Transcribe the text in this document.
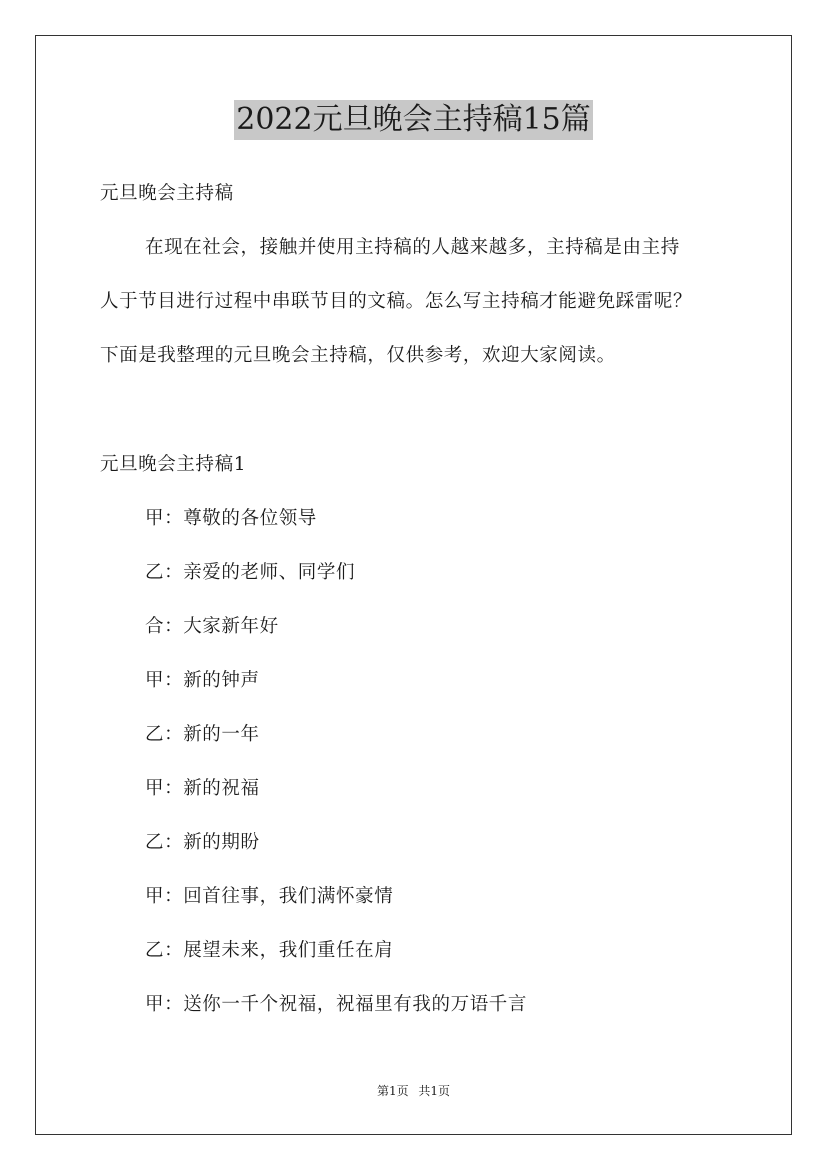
2022元旦晚会主持稿15篇
元旦晚会主持稿
在现在社会，接触并使用主持稿的人越来越多，主持稿是由主持
人于节目进行过程中串联节目的文稿。怎么写主持稿才能避免踩雷呢？
下面是我整理的元旦晚会主持稿，仅供参考，欢迎大家阅读。
元旦晚会主持稿1
甲：尊敬的各位领导
乙：亲爱的老师、同学们
合：大家新年好
甲：新的钟声
乙：新的一年
甲：新的祝福
乙：新的期盼
甲：回首往事，我们满怀豪情
乙：展望未来，我们重任在肩
甲：送你一千个祝福，祝福里有我的万语千言
第1页 共1页
